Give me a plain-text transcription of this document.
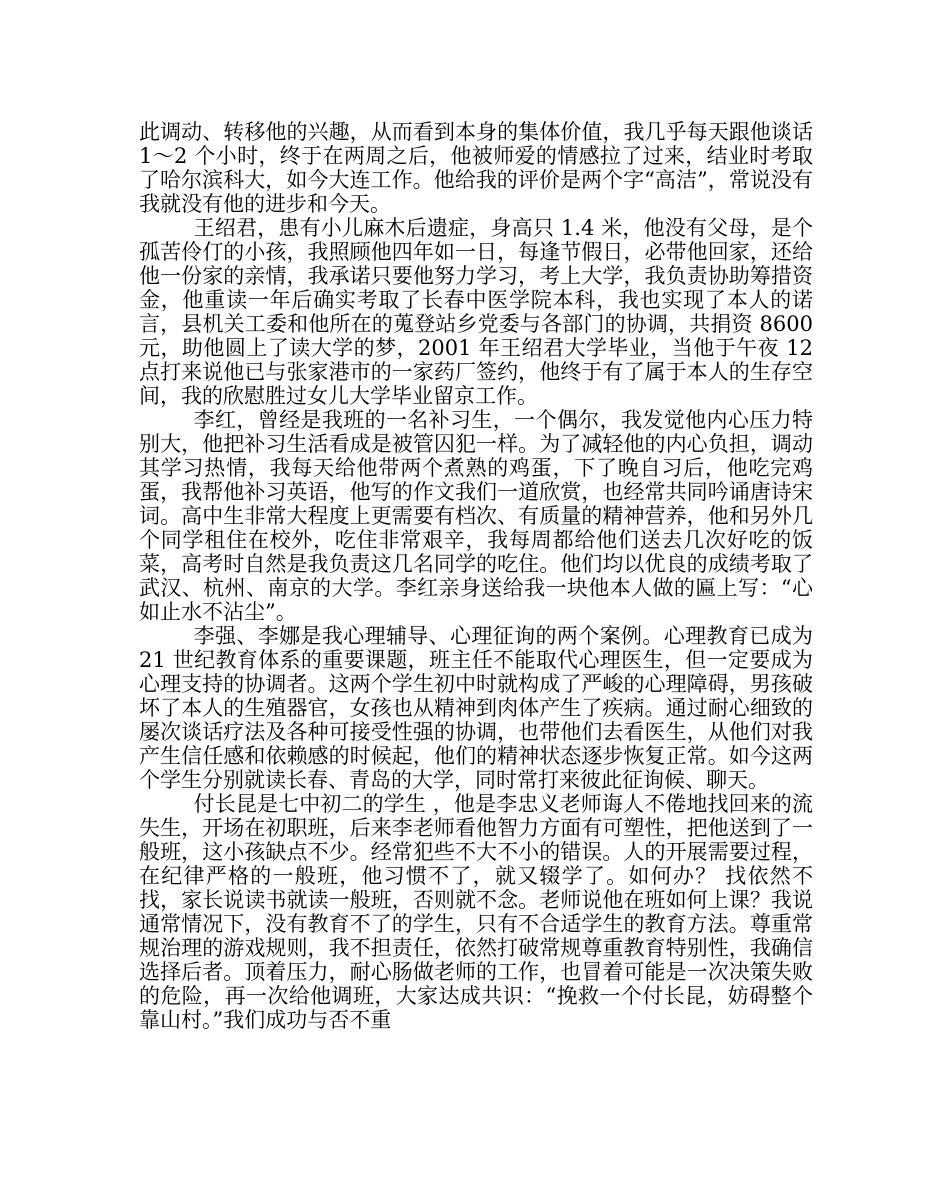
此调动、转移他的兴趣，从而看到本身的集体价值，我几乎每天跟他谈话 1～2 个小时，终于在两周之后，他被师爱的情感拉了过来，结业时考取了哈尔滨科大，如今大连工作。他给我的评价是两个字“高洁”，常说没有我就没有他的进步和今天。

王绍君，患有小儿麻木后遗症，身高只 1.4 米，他没有父母，是个孤苦伶仃的小孩，我照顾他四年如一日，每逢节假日，必带他回家，还给他一份家的亲情，我承诺只要他努力学习，考上大学，我负责协助筹措资金，他重读一年后确实考取了长春中医学院本科，我也实现了本人的诺言，县机关工委和他所在的蒐登站乡党委与各部门的协调，共捐资 8600 元，助他圆上了读大学的梦，2001 年王绍君大学毕业，当他于午夜 12 点打来说他已与张家港市的一家药厂签约，他终于有了属于本人的生存空间，我的欣慰胜过女儿大学毕业留京工作。

李红，曾经是我班的一名补习生，一个偶尔，我发觉他内心压力特别大，他把补习生活看成是被管囚犯一样。为了减轻他的内心负担，调动其学习热情，我每天给他带两个煮熟的鸡蛋，下了晚自习后，他吃完鸡蛋，我帮他补习英语，他写的作文我们一道欣赏，也经常共同吟诵唐诗宋词。高中生非常大程度上更需要有档次、有质量的精神营养，他和另外几个同学租住在校外，吃住非常艰辛，我每周都给他们送去几次好吃的饭菜，高考时自然是我负责这几名同学的吃住。他们均以优良的成绩考取了武汉、杭州、南京的大学。李红亲身送给我一块他本人做的匾上写：“心如止水不沾尘”。

李强、李娜是我心理辅导、心理征询的两个案例。心理教育已成为 21 世纪教育体系的重要课题，班主任不能取代心理医生，但一定要成为心理支持的协调者。这两个学生初中时就构成了严峻的心理障碍，男孩破坏了本人的生殖器官，女孩也从精神到肉体产生了疾病。通过耐心细致的屡次谈话疗法及各种可接受性强的协调，也带他们去看医生，从他们对我产生信任感和依赖感的时候起，他们的精神状态逐步恢复正常。如今这两个学生分别就读长春、青岛的大学，同时常打来彼此征询候、聊天。

付长昆是七中初二的学生 ，他是李忠义老师诲人不倦地找回来的流失生，开场在初职班，后来李老师看他智力方面有可塑性，把他送到了一般班，这小孩缺点不少。经常犯些不大不小的错误。人的开展需要过程，在纪律严格的一般班，他习惯不了，就又辍学了。如何办？ 找依然不找，家长说读书就读一般班，否则就不念。老师说他在班如何上课？我说通常情况下，没有教育不了的学生，只有不合适学生的教育方法。尊重常规治理的游戏规则，我不担责任，依然打破常规尊重教育特别性，我确信选择后者。顶着压力，耐心肠做老师的工作，也冒着可能是一次决策失败的危险，再一次给他调班，大家达成共识：“挽救一个付长昆，妨碍整个靠山村。”我们成功与否不重
